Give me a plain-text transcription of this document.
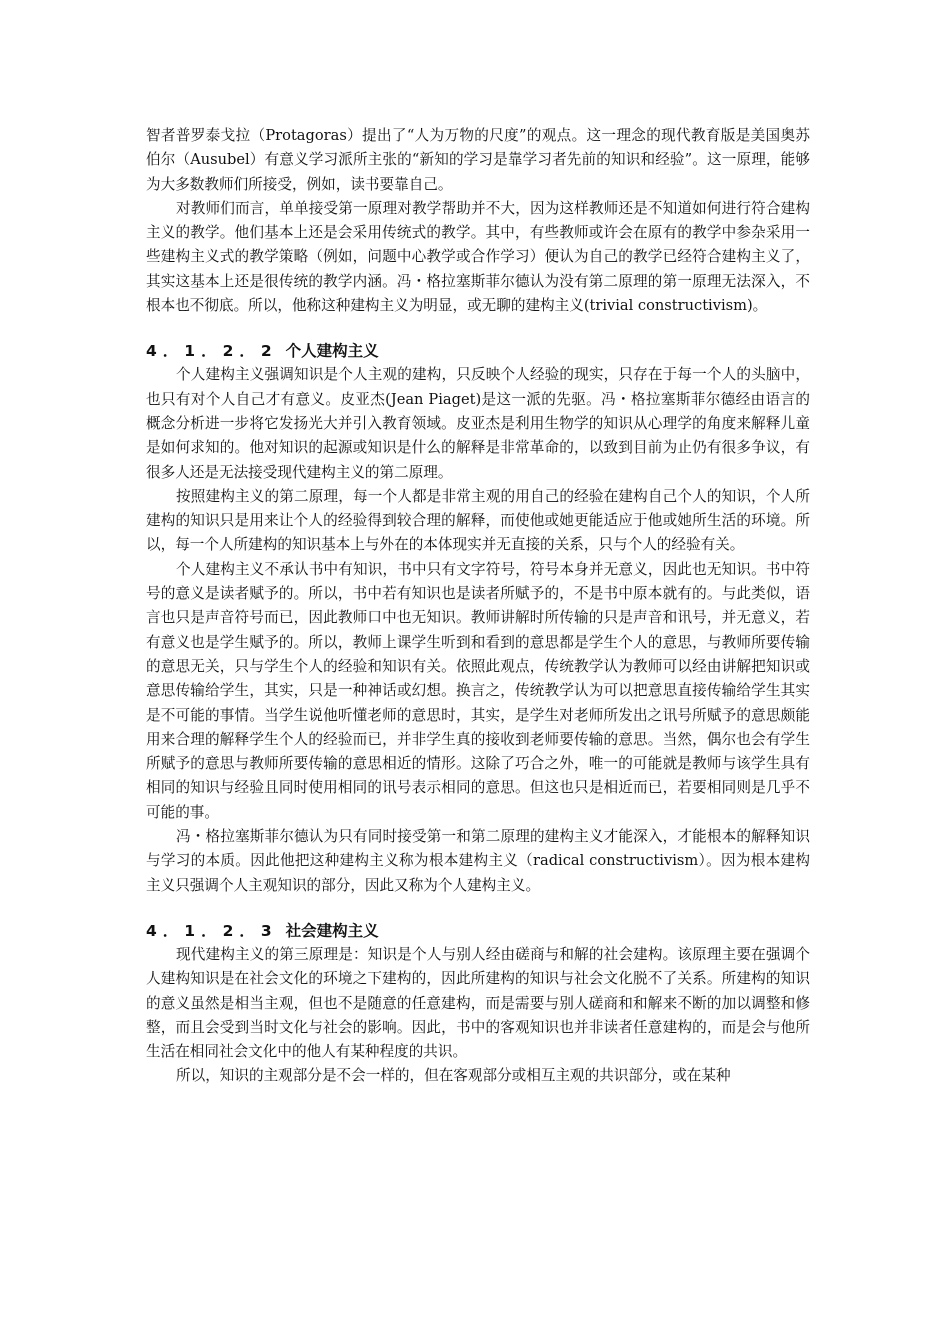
智者普罗泰戈拉（Protagoras）提出了“人为万物的尺度”的观点。这一理念的现代教育版是美国奥苏伯尔（Ausubel）有意义学习派所主张的“新知的学习是靠学习者先前的知识和经验”。这一原理，能够为大多数教师们所接受，例如，读书要靠自己。

对教师们而言，单单接受第一原理对教学帮助并不大，因为这样教师还是不知道如何进行符合建构主义的教学。他们基本上还是会采用传统式的教学。其中，有些教师或许会在原有的教学中参杂采用一些建构主义式的教学策略（例如，问题中心教学或合作学习）便认为自己的教学已经符合建构主义了，其实这基本上还是很传统的教学内涵。冯・格拉塞斯菲尔德认为没有第二原理的第一原理无法深入，不根本也不彻底。所以，他称这种建构主义为明显，或无聊的建构主义(trivial constructivism)。

4．1．2．2 个人建构主义

个人建构主义强调知识是个人主观的建构，只反映个人经验的现实，只存在于每一个人的头脑中，也只有对个人自己才有意义。皮亚杰(Jean Piaget)是这一派的先驱。冯・格拉塞斯菲尔德经由语言的概念分析进一步将它发扬光大并引入教育领域。皮亚杰是利用生物学的知识从心理学的角度来解释儿童是如何求知的。他对知识的起源或知识是什么的解释是非常革命的，以致到目前为止仍有很多争议，有很多人还是无法接受现代建构主义的第二原理。

按照建构主义的第二原理，每一个人都是非常主观的用自己的经验在建构自己个人的知识，个人所建构的知识只是用来让个人的经验得到较合理的解释，而使他或她更能适应于他或她所生活的环境。所以，每一个人所建构的知识基本上与外在的本体现实并无直接的关系，只与个人的经验有关。

个人建构主义不承认书中有知识，书中只有文字符号，符号本身并无意义，因此也无知识。书中符号的意义是读者赋予的。所以，书中若有知识也是读者所赋予的，不是书中原本就有的。与此类似，语言也只是声音符号而已，因此教师口中也无知识。教师讲解时所传输的只是声音和讯号，并无意义，若有意义也是学生赋予的。所以，教师上课学生听到和看到的意思都是学生个人的意思，与教师所要传输的意思无关，只与学生个人的经验和知识有关。依照此观点，传统教学认为教师可以经由讲解把知识或意思传输给学生，其实，只是一种神话或幻想。换言之，传统教学认为可以把意思直接传输给学生其实是不可能的事情。当学生说他听懂老师的意思时，其实，是学生对老师所发出之讯号所赋予的意思颇能用来合理的解释学生个人的经验而已，并非学生真的接收到老师要传输的意思。当然，偶尔也会有学生所赋予的意思与教师所要传输的意思相近的情形。这除了巧合之外，唯一的可能就是教师与该学生具有相同的知识与经验且同时使用相同的讯号表示相同的意思。但这也只是相近而已，若要相同则是几乎不可能的事。

冯・格拉塞斯菲尔德认为只有同时接受第一和第二原理的建构主义才能深入，才能根本的解释知识与学习的本质。因此他把这种建构主义称为根本建构主义（radical constructivism）。因为根本建构主义只强调个人主观知识的部分，因此又称为个人建构主义。

4．1．2．3 社会建构主义

现代建构主义的第三原理是：知识是个人与别人经由磋商与和解的社会建构。该原理主要在强调个人建构知识是在社会文化的环境之下建构的，因此所建构的知识与社会文化脱不了关系。所建构的知识的意义虽然是相当主观，但也不是随意的任意建构，而是需要与别人磋商和和解来不断的加以调整和修整，而且会受到当时文化与社会的影响。因此，书中的客观知识也并非读者任意建构的，而是会与他所生活在相同社会文化中的他人有某种程度的共识。

所以，知识的主观部分是不会一样的，但在客观部分或相互主观的共识部分，或在某种
